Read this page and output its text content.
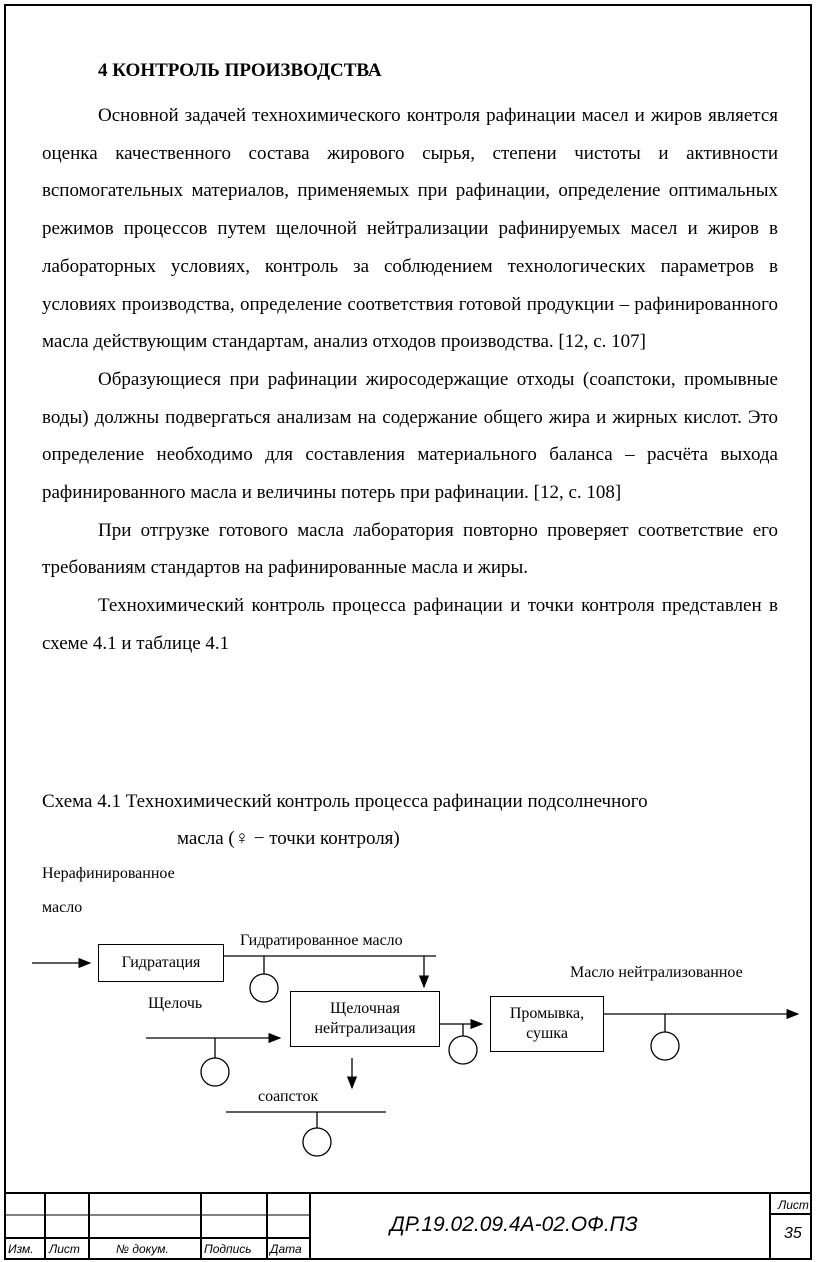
4 КОНТРОЛЬ ПРОИЗВОДСТВА

Основной задачей технохимического контроля рафинации масел и жиров является оценка качественного состава жирового сырья, степени чистоты и активности вспомогательных материалов, применяемых при рафинации, определение оптимальных режимов процессов путем щелочной нейтрализации рафинируемых масел и жиров в лабораторных условиях, контроль за соблюдением технологических параметров в условиях производства, определение соответствия готовой продукции – рафинированного масла действующим стандартам, анализ отходов производства. [12, с. 107]

Образующиеся при рафинации жиросодержащие отходы (соапстоки, промывные воды) должны подвергаться анализам на содержание общего жира и жирных кислот. Это определение необходимо для составления материального баланса – расчёта выхода рафинированного масла и величины потерь при рафинации. [12, с. 108]

При отгрузке готового масла лаборатория повторно проверяет соответствие его требованиям стандартов на рафинированные масла и жиры.

Технохимический контроль процесса рафинации и точки контроля представлен в схеме 4.1 и таблице 4.1

Схема 4.1 Технохимический контроль процесса рафинации подсолнечного
масла (♀ − точки контроля)
Нерафинированное
масло
Гидратированное масло
Масло нейтрализованное
Щелочь
соапсток
Гидратация
Щелочная
нейтрализация
Промывка,
сушка
Изм. Лист	№ докум.	Подпись Дата
ДР.19.02.09.4А-02.ОФ.ПЗ
Лист
35
